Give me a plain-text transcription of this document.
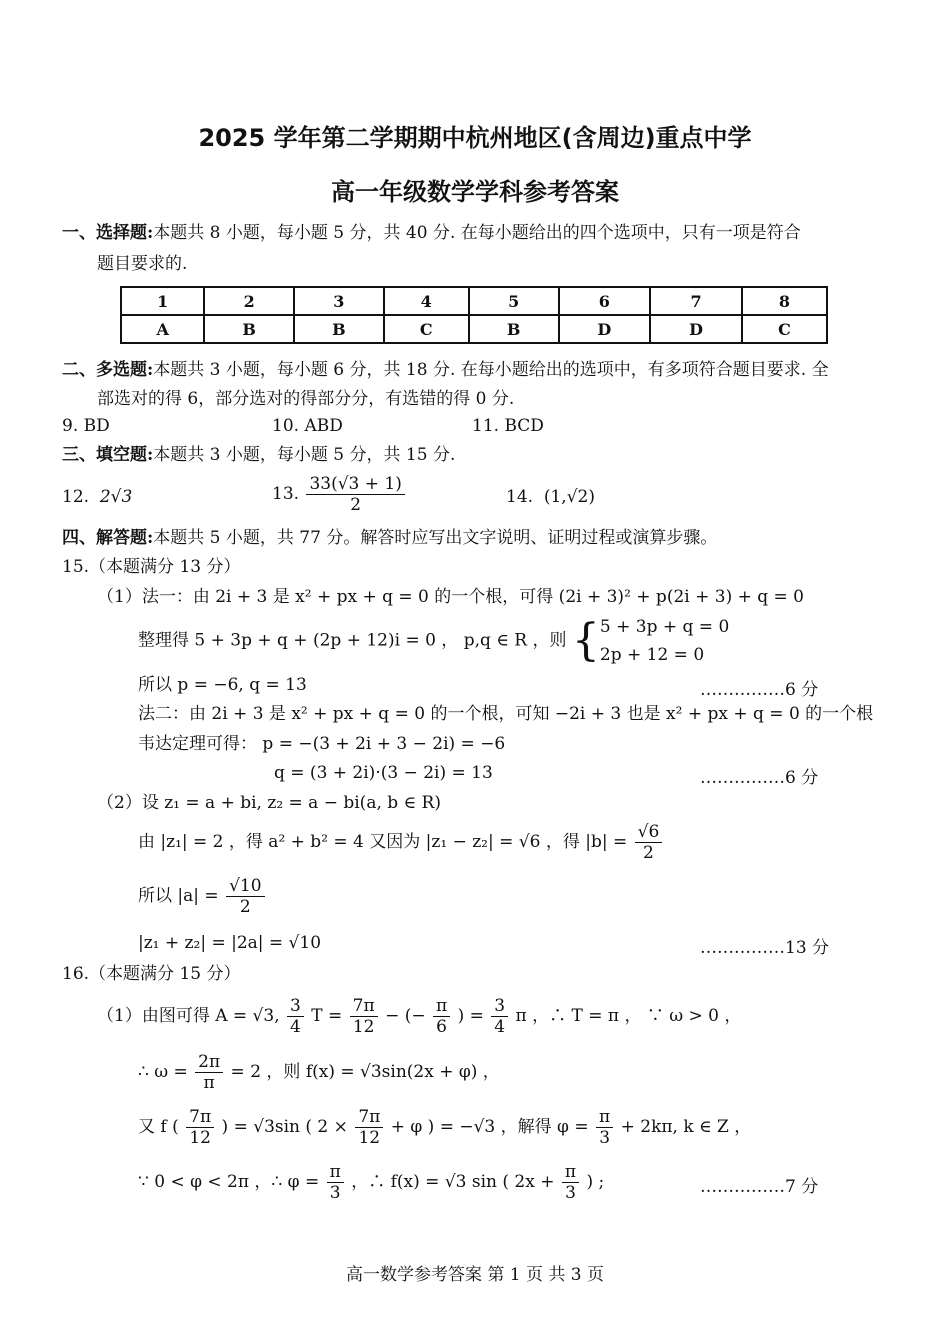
2025 学年第二学期期中杭州地区(含周边)重点中学
高一年级数学学科参考答案
一、选择题:本题共 8 小题，每小题 5 分，共 40 分. 在每小题给出的四个选项中，只有一项是符合
题目要求的.
1	2	3	4	5	6	7	8
A	B	B	C	B	D	D	C
二、多选题:本题共 3 小题，每小题 6 分，共 18 分. 在每小题给出的选项中，有多项符合题目要求. 全
部选对的得 6，部分选对的得部分分，有选错的得 0 分.
9. BD	10. ABD	11. BCD
三、填空题:本题共 3 小题，每小题 5 分，共 15 分.
12. 2√3	13. $\frac{33(√3 + 1)}{2}$	14. (1,√2)
四、解答题:本题共 5 小题，共 77 分。解答时应写出文字说明、证明过程或演算步骤。
15.（本题满分 13 分）
（1）法一：由 2i + 3 是 x² + px + q = 0 的一个根，可得 (2i + 3)² + p(2i + 3) + q = 0
整理得 5 + 3p + q + (2p + 12)i = 0 ， p,q ∈ R ，则 { 5 + 3p + q = 0
2p + 12 = 0
所以 p = −6, q = 13	……………6 分
法二：由 2i + 3 是 x² + px + q = 0 的一个根，可知 −2i + 3 也是 x² + px + q = 0 的一个根
韦达定理可得： p = −(3 + 2i + 3 − 2i) = −6
q = (3 + 2i)·(3 − 2i) = 13	……………6 分
（2）设 z₁ = a + bi, z₂ = a − bi(a, b ∈ R)
由 |z₁| = 2 ，得 a² + b² = 4 又因为 |z₁ − z₂| = √6 ，得 $|b| = \frac{√6}{2}$
所以 $|a| = \frac{√10}{2}$
|z₁ + z₂| = |2a| = √10	……………13 分
16.（本题满分 15 分）
（1）由图可得 A = √3, $\frac{3}{4}$ $T = \frac{7\pi}{12}$ − (− $\frac{\pi}{6}$ ) = $\frac{3}{4}$ π ，∴ T = π ， ∵ ω > 0 ，
∴ $\omega = \frac{2\pi}{\pi} = 2$ ，则 f(x) = √3sin(2x + φ) ，
又 f ( $\frac{7\pi}{12}$ ) = √3sin ( $2 \times \frac{7\pi}{12} + \varphi$ ) = −√3 ，解得 $\varphi = \frac{\pi}{3} + 2k\pi$, k ∈ Z ，
∵ 0 < φ < 2π ，∴ $\varphi = \frac{\pi}{3}$ ，∴ f(x) = √3 sin ( $2x + \frac{\pi}{3}$ ) ;	……………7 分
高一数学参考答案 第 1 页 共 3 页
